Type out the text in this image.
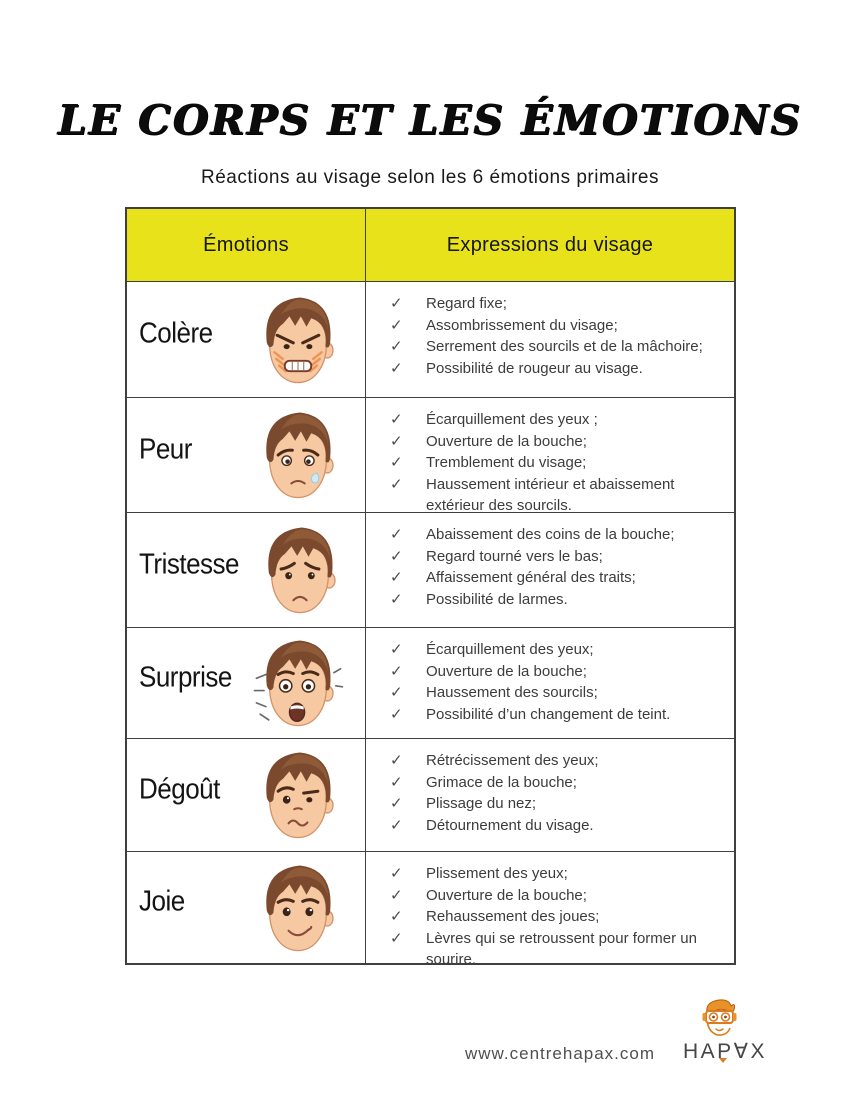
LE CORPS ET LES ÉMOTIONS
Réactions au visage selon les 6 émotions primaires
Émotions	Expressions du visage
Colère
✓	Regard fixe;
✓	Assombrissement du visage;
✓	Serrement des sourcils et de la mâchoire;
✓	Possibilité de rougeur au visage.
Peur
✓	Écarquillement des yeux ;
✓	Ouverture de la bouche;
✓	Tremblement du visage;
✓	Haussement intérieur et abaissement extérieur des sourcils.
Tristesse
✓	Abaissement des coins de la bouche;
✓	Regard tourné vers le bas;
✓	Affaissement général des traits;
✓	Possibilité de larmes.
Surprise
✓	Écarquillement des yeux;
✓	Ouverture de la bouche;
✓	Haussement des sourcils;
✓	Possibilité d’un changement de teint.
Dégoût
✓	Rétrécissement des yeux;
✓	Grimace de la bouche;
✓	Plissage du nez;
✓	Détournement du visage.
Joie
✓	Plissement des yeux;
✓	Ouverture de la bouche;
✓	Rehaussement des joues;
✓	Lèvres qui se retroussent pour former un sourire.
www.centrehapax.com HAP∀X
